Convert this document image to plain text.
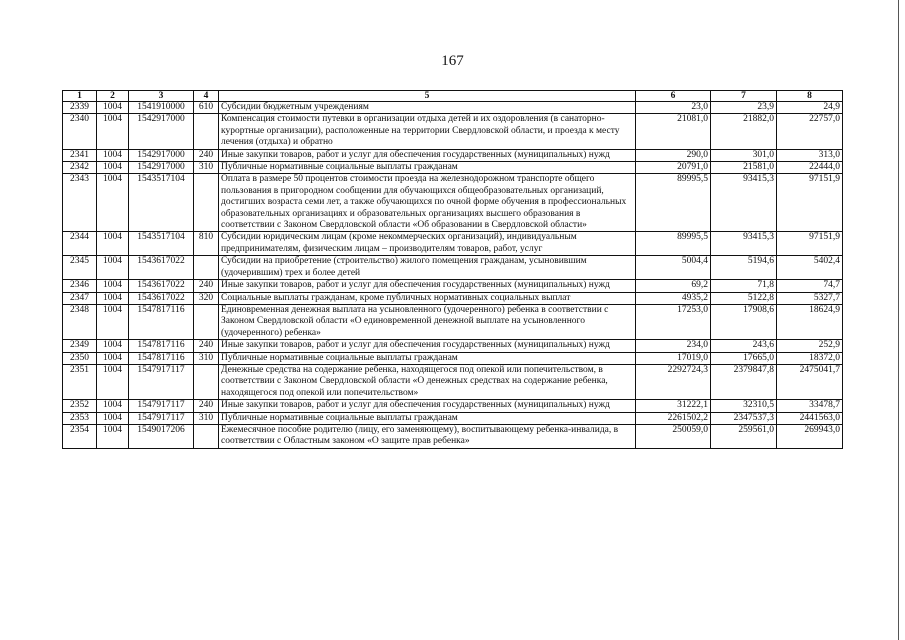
167
1	2	3	4	5	6	7	8
2339	1004	1541910000	610	Субсидии бюджетным учреждениям	23,0	23,9	24,9
2340	1004	1542917000		Компенсация стоимости путевки в организации отдыха детей и их оздоровления (в санаторно-курортные организации), расположенные на территории Свердловской области, и проезда к месту лечения (отдыха) и обратно	21081,0	21882,0	22757,0
2341	1004	1542917000	240	Иные закупки товаров, работ и услуг для обеспечения государственных (муниципальных) нужд	290,0	301,0	313,0
2342	1004	1542917000	310	Публичные нормативные социальные выплаты гражданам	20791,0	21581,0	22444,0
2343	1004	1543517104		Оплата в размере 50 процентов стоимости проезда на железнодорожном транспорте общего пользования в пригородном сообщении для обучающихся общеобразовательных организаций, достигших возраста семи лет, а также обучающихся по очной форме обучения в профессиональных образовательных организациях и образовательных организациях высшего образования в соответствии с Законом Свердловской области «Об образовании в Свердловской области»	89995,5	93415,3	97151,9
2344	1004	1543517104	810	Субсидии юридическим лицам (кроме некоммерческих организаций), индивидуальным предпринимателям, физическим лицам – производителям товаров, работ, услуг	89995,5	93415,3	97151,9
2345	1004	1543617022		Субсидии на приобретение (строительство) жилого помещения гражданам, усыновившим (удочерившим) трех и более детей	5004,4	5194,6	5402,4
2346	1004	1543617022	240	Иные закупки товаров, работ и услуг для обеспечения государственных (муниципальных) нужд	69,2	71,8	74,7
2347	1004	1543617022	320	Социальные выплаты гражданам, кроме публичных нормативных социальных выплат	4935,2	5122,8	5327,7
2348	1004	1547817116		Единовременная денежная выплата на усыновленного (удочеренного) ребенка в соответствии с Законом Свердловской области «О единовременной денежной выплате на усыновленного (удочеренного) ребенка»	17253,0	17908,6	18624,9
2349	1004	1547817116	240	Иные закупки товаров, работ и услуг для обеспечения государственных (муниципальных) нужд	234,0	243,6	252,9
2350	1004	1547817116	310	Публичные нормативные социальные выплаты гражданам	17019,0	17665,0	18372,0
2351	1004	1547917117		Денежные средства на содержание ребенка, находящегося под опекой или попечительством, в соответствии с Законом Свердловской области «О денежных средствах на содержание ребенка, находящегося под опекой или попечительством»	2292724,3	2379847,8	2475041,7
2352	1004	1547917117	240	Иные закупки товаров, работ и услуг для обеспечения государственных (муниципальных) нужд	31222,1	32310,5	33478,7
2353	1004	1547917117	310	Публичные нормативные социальные выплаты гражданам	2261502,2	2347537,3	2441563,0
2354	1004	1549017206		Ежемесячное пособие родителю (лицу, его заменяющему), воспитывающему ребенка-инвалида, в соответствии с Областным законом «О защите прав ребенка»	250059,0	259561,0	269943,0
